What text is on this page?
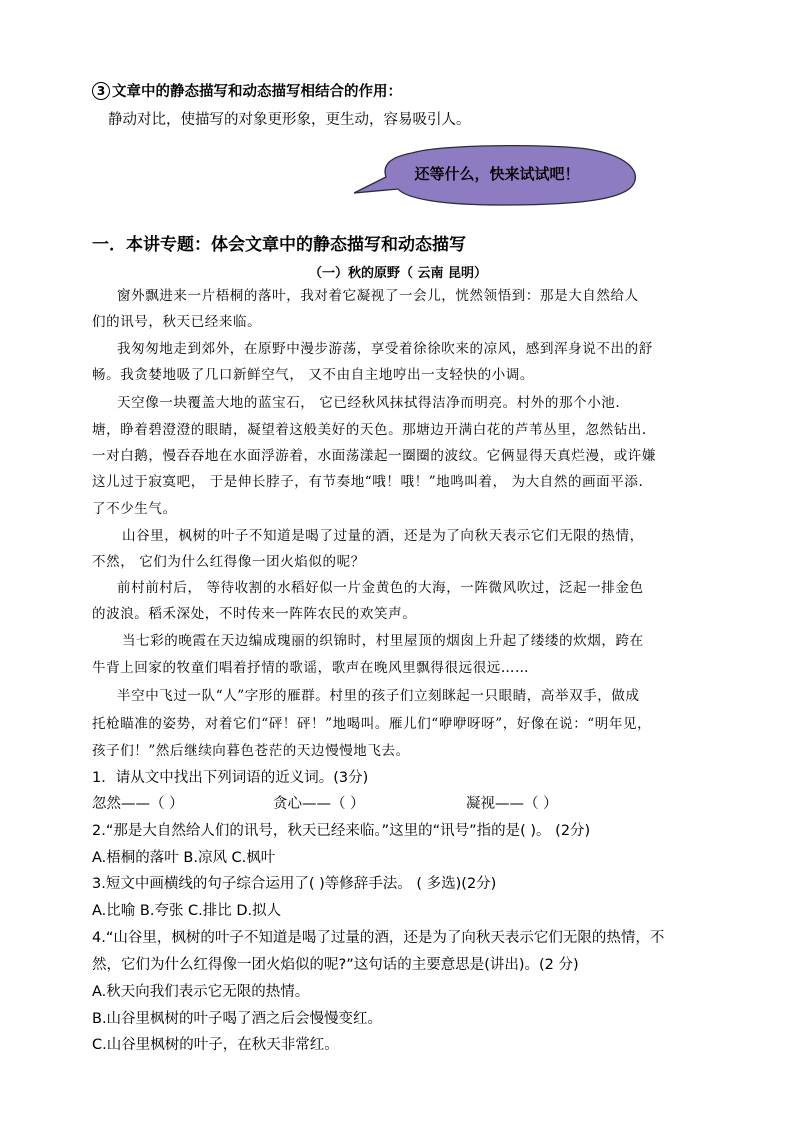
3 文章中的静态描写和动态描写相结合的作用：
静动对比，使描写的对象更形象，更生动，容易吸引人。
还等什么，快来试试吧！
一．本讲专题：体会文章中的静态描写和动态描写
（一）秋的原野（ 云南 昆明）
窗外飘进来一片梧桐的落叶，我对着它凝视了一会儿，恍然领悟到：那是大自然给人
们的讯号，秋天已经来临。
我匆匆地走到郊外，在原野中漫步游荡，享受着徐徐吹来的凉风，感到浑身说不出的舒
畅。我贪婪地吸了几口新鲜空气， 又不由自主地哼出一支轻快的小调。
天空像一块覆盖大地的蓝宝石， 它已经秋风抹拭得洁净而明亮。村外的那个小池.
塘，睁着碧澄澄的眼睛，凝望着这般美好的天色。那塘边开满白花的芦苇丛里，忽然钻出.
一对白鹅，慢吞吞地在水面浮游着，水面荡漾起一圈圈的波纹。它俩显得天真烂漫，或许嫌
这儿过于寂寞吧， 于是伸长脖子，有节奏地“哦！哦！”地鸣叫着， 为大自然的画面平添.
了不少生气。
山谷里，枫树的叶子不知道是喝了过量的酒，还是为了向秋天表示它们无限的热情，
不然， 它们为什么红得像一团火焰似的呢？
前村前村后， 等待收割的水稻好似一片金黄色的大海，一阵微风吹过，泛起一排金色
的波浪。稻禾深处，不时传来一阵阵农民的欢笑声。
当七彩的晚霞在天边编成瑰丽的织锦时，村里屋顶的烟囱上升起了缕缕的炊烟，跨在
牛背上回家的牧童们唱着抒情的歌谣，歌声在晚风里飘得很远很远……
半空中飞过一队“人”字形的雁群。村里的孩子们立刻眯起一只眼睛，高举双手，做成
托枪瞄准的姿势，对着它们“砰！砰！”地喝叫。雁儿们“咿咿呀呀”，好像在说：“明年见，
孩子们！”然后继续向暮色苍茫的天边慢慢地飞去。
1．请从文中找出下列词语的近义词。(3分)
忽然——（ ）	贪心——（ ）	凝视——（ ）
2.“那是大自然给人们的讯号，秋天已经来临。”这里的“讯号”指的是( )。 (2分)
A.梧桐的落叶 B.凉风 C.枫叶
3.短文中画横线的句子综合运用了( )等修辞手法。 ( 多选)(2分)
A.比喻 B.夸张 C.排比 D.拟人
4.“山谷里，枫树的叶子不知道是喝了过量的酒，还是为了向秋天表示它们无限的热情，不
然，它们为什么红得像一团火焰似的呢?”这句话的主要意思是(讲出)。(2 分)
A.秋天向我们表示它无限的热情。
B.山谷里枫树的叶子喝了酒之后会慢慢变红。
C.山谷里枫树的叶子，在秋天非常红。
